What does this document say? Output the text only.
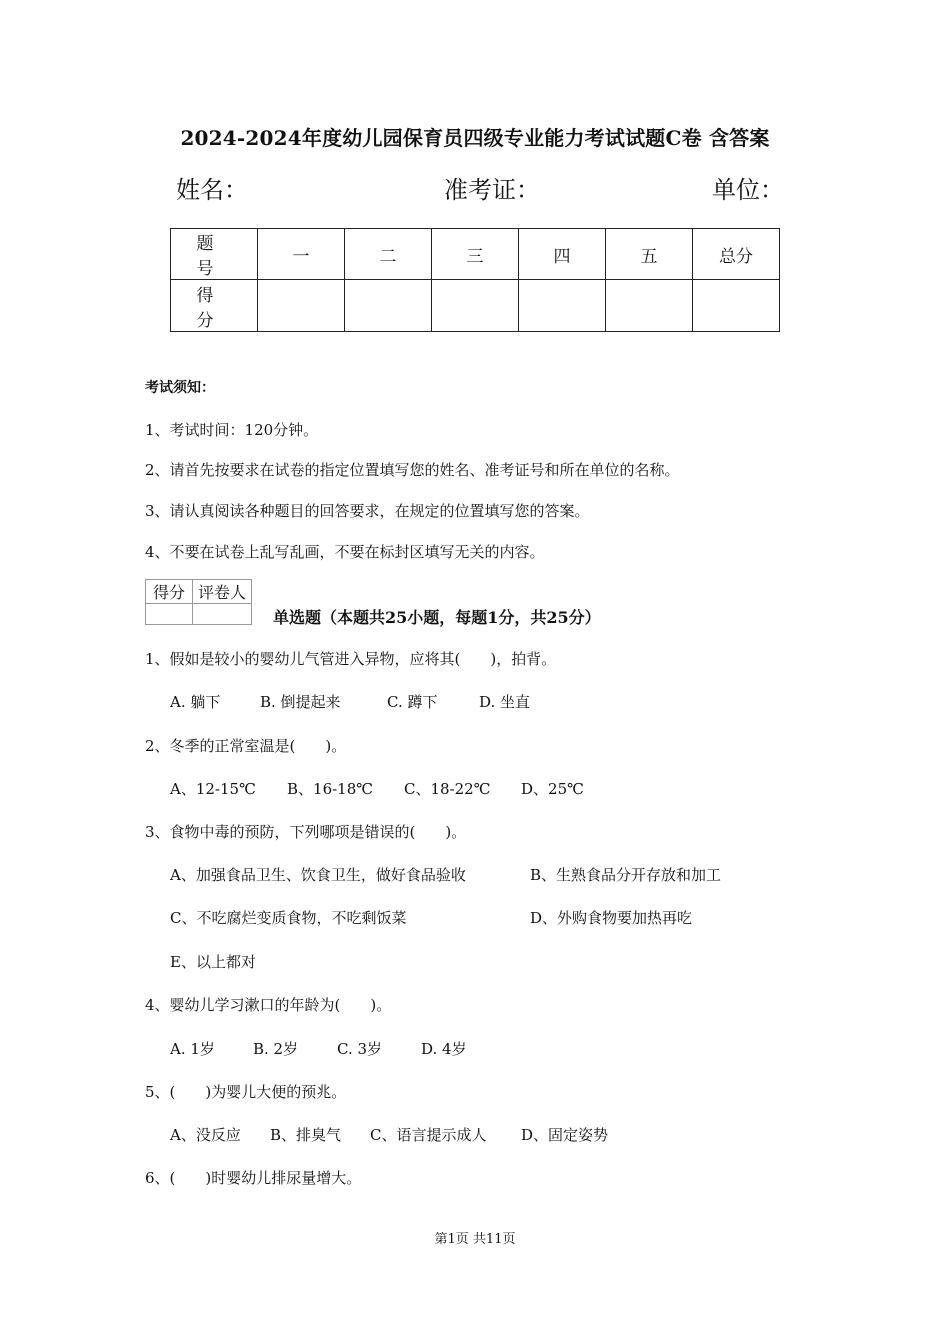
2024-2024年度幼儿园保育员四级专业能力考试试题C卷 含答案
姓名：	准考证：	单位：
题 号	一	二	三	四	五	总分
得 分						
考试须知：
1、考试时间：120分钟。
2、请首先按要求在试卷的指定位置填写您的姓名、准考证号和所在单位的名称。
3、请认真阅读各种题目的回答要求，在规定的位置填写您的答案。
4、不要在试卷上乱写乱画，不要在标封区填写无关的内容。
得分	评卷人

单选题（本题共25小题，每题1分，共25分）
1、假如是较小的婴幼儿气管进入异物，应将其(　　)，拍背。
A. 躺下	B. 倒提起来	C. 蹲下	D. 坐直
2、冬季的正常室温是(　　)。
A、12-15℃ B、16-18℃ C、18-22℃ D、25℃
3、食物中毒的预防，下列哪项是错误的(　　)。
A、加强食品卫生、饮食卫生，做好食品验收	B、生熟食品分开存放和加工
C、不吃腐烂变质食物，不吃剩饭菜	D、外购食物要加热再吃
E、以上都对
4、婴幼儿学习漱口的年龄为(　　)。
A. 1岁	B. 2岁	C. 3岁	D. 4岁
5、(　　)为婴儿大便的预兆。
A、没反应 B、排臭气 C、语言提示成人 D、固定姿势
6、(　　)时婴幼儿排尿量增大。
第1页 共11页
